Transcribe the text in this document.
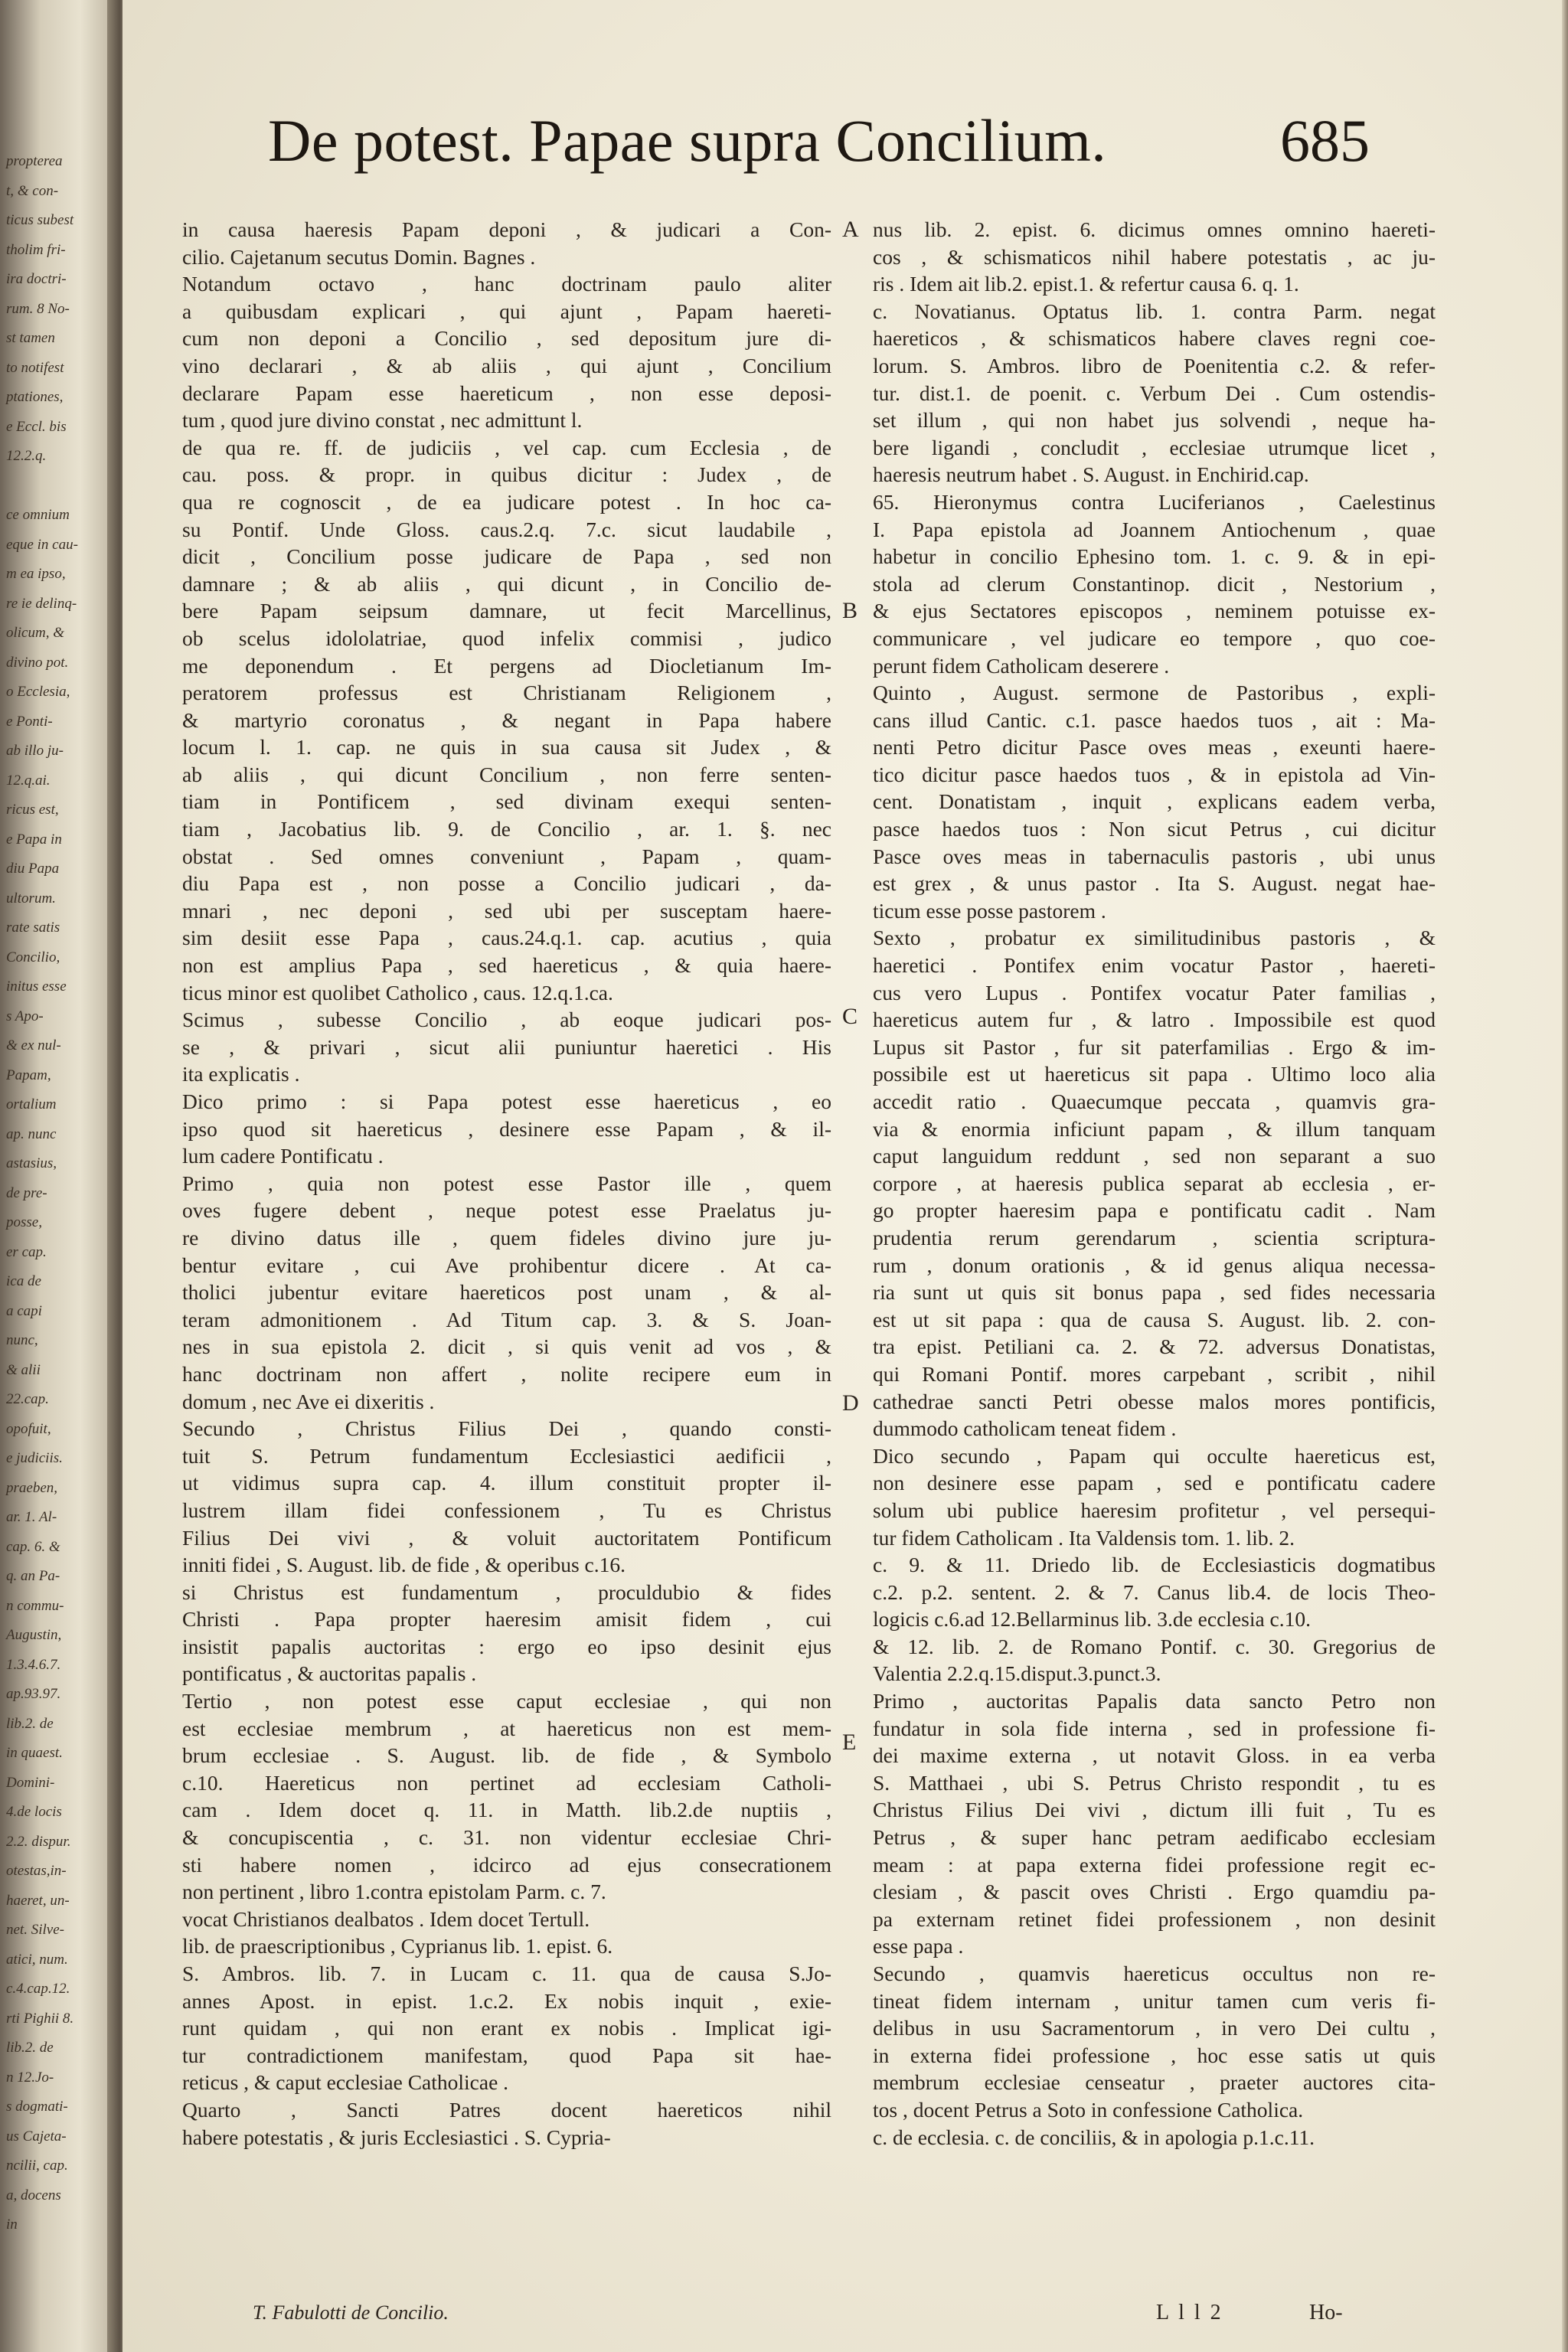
propterea
t, & con-
ticus subest
tholim fri-
ira doctri-
rum. 8 No-
st tamen
to notifest
ptationes,
e Eccl. bis
12.2.q.
ce omnium
eque in cau-
m ea ipso,
re ie delinq-
olicum, &
divino pot.
o Ecclesia,
e Ponti-
ab illo ju-
12.q.ai.
ricus est,
e Papa in
diu Papa
ultorum.
rate satis
Concilio,
initus esse
s Apo-
& ex nul-
Papam,
ortalium
ap. nunc
astasius,
de pre-
posse,
er cap.
ica de
a capi
nunc,
& alii
22.cap.
opofuit,
e judiciis.
praeben,
ar. 1. Al-
cap. 6. &
q. an Pa-
n commu-
Augustin,
1.3.4.6.7.
ap.93.97.
lib.2. de
in quaest.
Domini-
4.de locis
2.2. dispur.
otestas,in-
haeret, un-
net. Silve-
atici, num.
c.4.cap.12.
rti Pighii 8.
lib.2. de
n 12.Jo-
s dogmati-
us Cajeta-
ncilii, cap.
a, docens
in
De potest. Papae supra Concilium.	685
in causa haeresis Papam deponi , & judicari a Con-
cilio. Cajetanum secutus Domin. Bagnes .
Notandum octavo , hanc doctrinam paulo aliter
a quibusdam explicari , qui ajunt , Papam haereti-
cum non deponi a Concilio , sed depositum jure di-
vino declarari , & ab aliis , qui ajunt , Concilium
declarare Papam esse haereticum , non esse deposi-
tum , quod jure divino constat , nec admittunt l.
de qua re. ff. de judiciis , vel cap. cum Ecclesia , de
cau. poss. & propr. in quibus dicitur : Judex , de
qua re cognoscit , de ea judicare potest . In hoc ca-
su Pontif. Unde Gloss. caus.2.q. 7.c. sicut laudabile ,
dicit , Concilium posse judicare de Papa , sed non
damnare ; & ab aliis , qui dicunt , in Concilio de-
bere Papam seipsum damnare, ut fecit Marcellinus,
ob scelus idololatriae, quod infelix commisi , judico
me deponendum . Et pergens ad Diocletianum Im-
peratorem professus est Christianam Religionem ,
& martyrio coronatus , & negant in Papa habere
locum l. 1. cap. ne quis in sua causa sit Judex , &
ab aliis , qui dicunt Concilium , non ferre senten-
tiam in Pontificem , sed divinam exequi senten-
tiam , Jacobatius lib. 9. de Concilio , ar. 1. §. nec
obstat . Sed omnes conveniunt , Papam , quam-
diu Papa est , non posse a Concilio judicari , da-
mnari , nec deponi , sed ubi per susceptam haere-
sim desiit esse Papa , caus.24.q.1. cap. acutius , quia
non est amplius Papa , sed haereticus , & quia haere-
ticus minor est quolibet Catholico , caus. 12.q.1.ca.
Scimus , subesse Concilio , ab eoque judicari pos-
se , & privari , sicut alii puniuntur haeretici . His
ita explicatis .
Dico primo : si Papa potest esse haereticus , eo
ipso quod sit haereticus , desinere esse Papam , & il-
lum cadere Pontificatu .
Primo , quia non potest esse Pastor ille , quem
oves fugere debent , neque potest esse Praelatus ju-
re divino datus ille , quem fideles divino jure ju-
bentur evitare , cui Ave prohibentur dicere . At ca-
tholici jubentur evitare haereticos post unam , & al-
teram admonitionem . Ad Titum cap. 3. & S. Joan-
nes in sua epistola 2. dicit , si quis venit ad vos , &
hanc doctrinam non affert , nolite recipere eum in
domum , nec Ave ei dixeritis .
Secundo , Christus Filius Dei , quando consti-
tuit S. Petrum fundamentum Ecclesiastici aedificii ,
ut vidimus supra cap. 4. illum constituit propter il-
lustrem illam fidei confessionem , Tu es Christus
Filius Dei vivi , & voluit auctoritatem Pontificum
inniti fidei , S. August. lib. de fide , & operibus c.16.
si Christus est fundamentum , proculdubio & fides
Christi . Papa propter haeresim amisit fidem , cui
insistit papalis auctoritas : ergo eo ipso desinit ejus
pontificatus , & auctoritas papalis .
Tertio , non potest esse caput ecclesiae , qui non
est ecclesiae membrum , at haereticus non est mem-
brum ecclesiae . S. August. lib. de fide , & Symbolo
c.10. Haereticus non pertinet ad ecclesiam Catholi-
cam . Idem docet q. 11. in Matth. lib.2.de nuptiis ,
& concupiscentia , c. 31. non videntur ecclesiae Chri-
sti habere nomen , idcirco ad ejus consecrationem
non pertinent , libro 1.contra epistolam Parm. c. 7.
vocat Christianos dealbatos . Idem docet Tertull.
lib. de praescriptionibus , Cyprianus lib. 1. epist. 6.
S. Ambros. lib. 7. in Lucam c. 11. qua de causa S.Jo-
annes Apost. in epist. 1.c.2. Ex nobis inquit , exie-
runt quidam , qui non erant ex nobis . Implicat igi-
tur contradictionem manifestam, quod Papa sit hae-
reticus , & caput ecclesiae Catholicae .
Quarto , Sancti Patres docent haereticos nihil
habere potestatis , & juris Ecclesiastici . S. Cypria-
A
B
C
D
E
nus lib. 2. epist. 6. dicimus omnes omnino haereti-
cos , & schismaticos nihil habere potestatis , ac ju-
ris . Idem ait lib.2. epist.1. & refertur causa 6. q. 1.
c. Novatianus. Optatus lib. 1. contra Parm. negat
haereticos , & schismaticos habere claves regni coe-
lorum. S. Ambros. libro de Poenitentia c.2. & refer-
tur. dist.1. de poenit. c. Verbum Dei . Cum ostendis-
set illum , qui non habet jus solvendi , neque ha-
bere ligandi , concludit , ecclesiae utrumque licet ,
haeresis neutrum habet . S. August. in Enchirid.cap.
65. Hieronymus contra Luciferianos , Caelestinus
I. Papa epistola ad Joannem Antiochenum , quae
habetur in concilio Ephesino tom. 1. c. 9. & in epi-
stola ad clerum Constantinop. dicit , Nestorium ,
& ejus Sectatores episcopos , neminem potuisse ex-
communicare , vel judicare eo tempore , quo coe-
perunt fidem Catholicam deserere .
Quinto , August. sermone de Pastoribus , expli-
cans illud Cantic. c.1. pasce haedos tuos , ait : Ma-
nenti Petro dicitur Pasce oves meas , exeunti haere-
tico dicitur pasce haedos tuos , & in epistola ad Vin-
cent. Donatistam , inquit , explicans eadem verba,
pasce haedos tuos : Non sicut Petrus , cui dicitur
Pasce oves meas in tabernaculis pastoris , ubi unus
est grex , & unus pastor . Ita S. August. negat hae-
ticum esse posse pastorem .
Sexto , probatur ex similitudinibus pastoris , &
haeretici . Pontifex enim vocatur Pastor , haereti-
cus vero Lupus . Pontifex vocatur Pater familias ,
haereticus autem fur , & latro . Impossibile est quod
Lupus sit Pastor , fur sit paterfamilias . Ergo & im-
possibile est ut haereticus sit papa . Ultimo loco alia
accedit ratio . Quaecumque peccata , quamvis gra-
via & enormia inficiunt papam , & illum tanquam
caput languidum reddunt , sed non separant a suo
corpore , at haeresis publica separat ab ecclesia , er-
go propter haeresim papa e pontificatu cadit . Nam
prudentia rerum gerendarum , scientia scriptura-
rum , donum orationis , & id genus aliqua necessa-
ria sunt ut quis sit bonus papa , sed fides necessaria
est ut sit papa : qua de causa S. August. lib. 2. con-
tra epist. Petiliani ca. 2. & 72. adversus Donatistas,
qui Romani Pontif. mores carpebant , scribit , nihil
cathedrae sancti Petri obesse malos mores pontificis,
dummodo catholicam teneat fidem .
Dico secundo , Papam qui occulte haereticus est,
non desinere esse papam , sed e pontificatu cadere
solum ubi publice haeresim profitetur , vel persequi-
tur fidem Catholicam . Ita Valdensis tom. 1. lib. 2.
c. 9. & 11. Driedo lib. de Ecclesiasticis dogmatibus
c.2. p.2. sentent. 2. & 7. Canus lib.4. de locis Theo-
logicis c.6.ad 12.Bellarminus lib. 3.de ecclesia c.10.
& 12. lib. 2. de Romano Pontif. c. 30. Gregorius de
Valentia 2.2.q.15.disput.3.punct.3.
Primo , auctoritas Papalis data sancto Petro non
fundatur in sola fide interna , sed in professione fi-
dei maxime externa , ut notavit Gloss. in ea verba
S. Matthaei , ubi S. Petrus Christo respondit , tu es
Christus Filius Dei vivi , dictum illi fuit , Tu es
Petrus , & super hanc petram aedificabo ecclesiam
meam : at papa externa fidei professione regit ec-
clesiam , & pascit oves Christi . Ergo quamdiu pa-
pa externam retinet fidei professionem , non desinit
esse papa .
Secundo , quamvis haereticus occultus non re-
tineat fidem internam , unitur tamen cum veris fi-
delibus in usu Sacramentorum , in vero Dei cultu ,
in externa fidei professione , hoc esse satis ut quis
membrum ecclesiae censeatur , praeter auctores cita-
tos , docent Petrus a Soto in confessione Catholica.
c. de ecclesia. c. de conciliis, & in apologia p.1.c.11.
T. Fabulotti de Concilio.	L l l 2	Ho-
